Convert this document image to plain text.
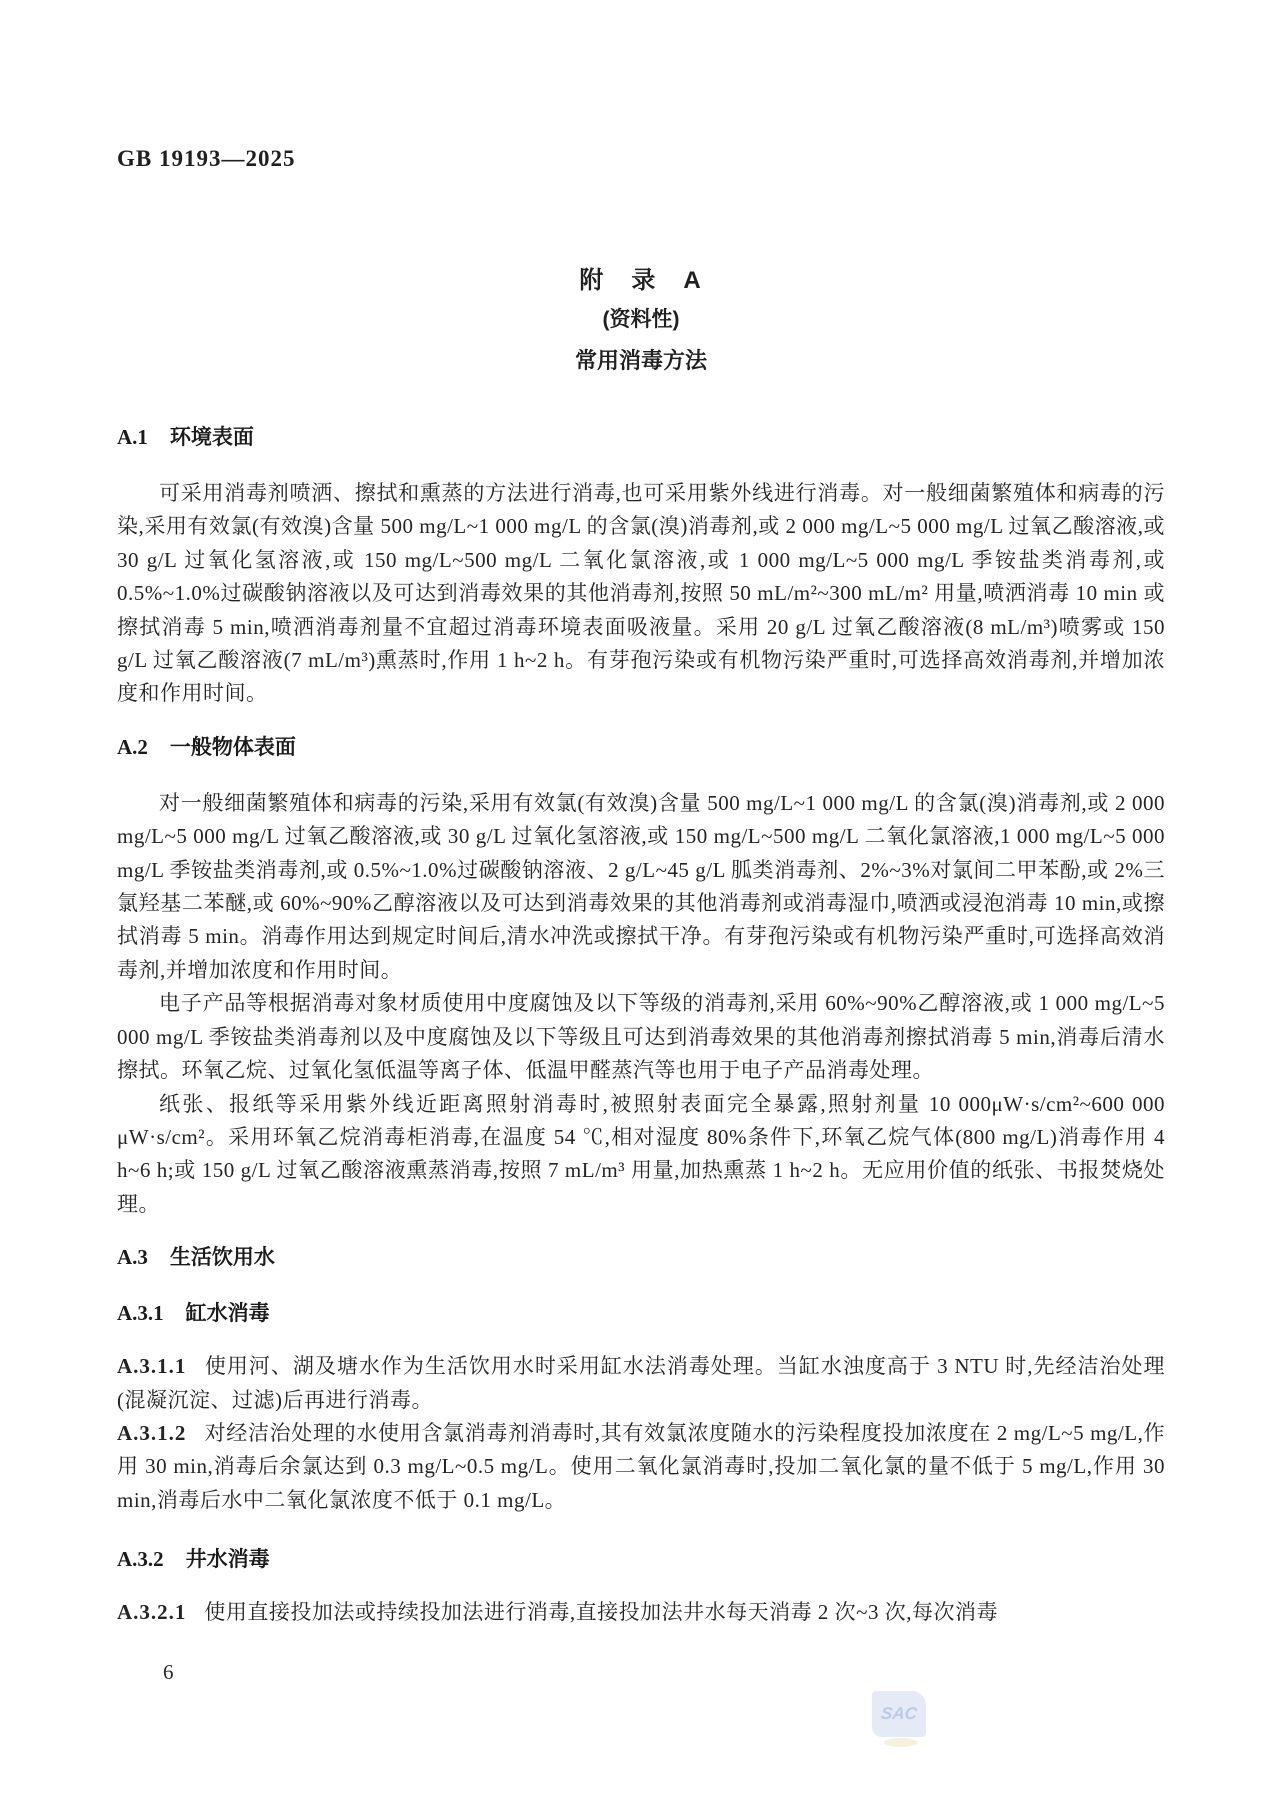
GB 19193—2025
附　录　A
(资料性)
常用消毒方法
A.1 环境表面

可采用消毒剂喷洒、擦拭和熏蒸的方法进行消毒,也可采用紫外线进行消毒。对一般细菌繁殖体和病毒的污染,采用有效氯(有效溴)含量 500 mg/L~1 000 mg/L 的含氯(溴)消毒剂,或 2 000 mg/L~5 000 mg/L 过氧乙酸溶液,或 30 g/L 过氧化氢溶液,或 150 mg/L~500 mg/L 二氧化氯溶液,或 1 000 mg/L~5 000 mg/L 季铵盐类消毒剂,或 0.5%~1.0%过碳酸钠溶液以及可达到消毒效果的其他消毒剂,按照 50 mL/m²~300 mL/m² 用量,喷洒消毒 10 min 或擦拭消毒 5 min,喷洒消毒剂量不宜超过消毒环境表面吸液量。采用 20 g/L 过氧乙酸溶液(8 mL/m³)喷雾或 150 g/L 过氧乙酸溶液(7 mL/m³)熏蒸时,作用 1 h~2 h。有芽孢污染或有机物污染严重时,可选择高效消毒剂,并增加浓度和作用时间。

A.2 一般物体表面

对一般细菌繁殖体和病毒的污染,采用有效氯(有效溴)含量 500 mg/L~1 000 mg/L 的含氯(溴)消毒剂,或 2 000 mg/L~5 000 mg/L 过氧乙酸溶液,或 30 g/L 过氧化氢溶液,或 150 mg/L~500 mg/L 二氧化氯溶液,1 000 mg/L~5 000 mg/L 季铵盐类消毒剂,或 0.5%~1.0%过碳酸钠溶液、2 g/L~45 g/L 胍类消毒剂、2%~3%对氯间二甲苯酚,或 2%三氯羟基二苯醚,或 60%~90%乙醇溶液以及可达到消毒效果的其他消毒剂或消毒湿巾,喷洒或浸泡消毒 10 min,或擦拭消毒 5 min。消毒作用达到规定时间后,清水冲洗或擦拭干净。有芽孢污染或有机物污染严重时,可选择高效消毒剂,并增加浓度和作用时间。

电子产品等根据消毒对象材质使用中度腐蚀及以下等级的消毒剂,采用 60%~90%乙醇溶液,或 1 000 mg/L~5 000 mg/L 季铵盐类消毒剂以及中度腐蚀及以下等级且可达到消毒效果的其他消毒剂擦拭消毒 5 min,消毒后清水擦拭。环氧乙烷、过氧化氢低温等离子体、低温甲醛蒸汽等也用于电子产品消毒处理。

纸张、报纸等采用紫外线近距离照射消毒时,被照射表面完全暴露,照射剂量 10 000μW·s/cm²~600 000 μW·s/cm²。采用环氧乙烷消毒柜消毒,在温度 54 ℃,相对湿度 80%条件下,环氧乙烷气体(800 mg/L)消毒作用 4 h~6 h;或 150 g/L 过氧乙酸溶液熏蒸消毒,按照 7 mL/m³ 用量,加热熏蒸 1 h~2 h。无应用价值的纸张、书报焚烧处理。

A.3 生活饮用水
A.3.1 缸水消毒

A.3.1.1 使用河、湖及塘水作为生活饮用水时采用缸水法消毒处理。当缸水浊度高于 3 NTU 时,先经洁治处理(混凝沉淀、过滤)后再进行消毒。

A.3.1.2 对经洁治处理的水使用含氯消毒剂消毒时,其有效氯浓度随水的污染程度投加浓度在 2 mg/L~5 mg/L,作用 30 min,消毒后余氯达到 0.3 mg/L~0.5 mg/L。使用二氧化氯消毒时,投加二氧化氯的量不低于 5 mg/L,作用 30 min,消毒后水中二氧化氯浓度不低于 0.1 mg/L。

A.3.2 井水消毒

A.3.2.1 使用直接投加法或持续投加法进行消毒,直接投加法井水每天消毒 2 次~3 次,每次消毒

6
SAC
